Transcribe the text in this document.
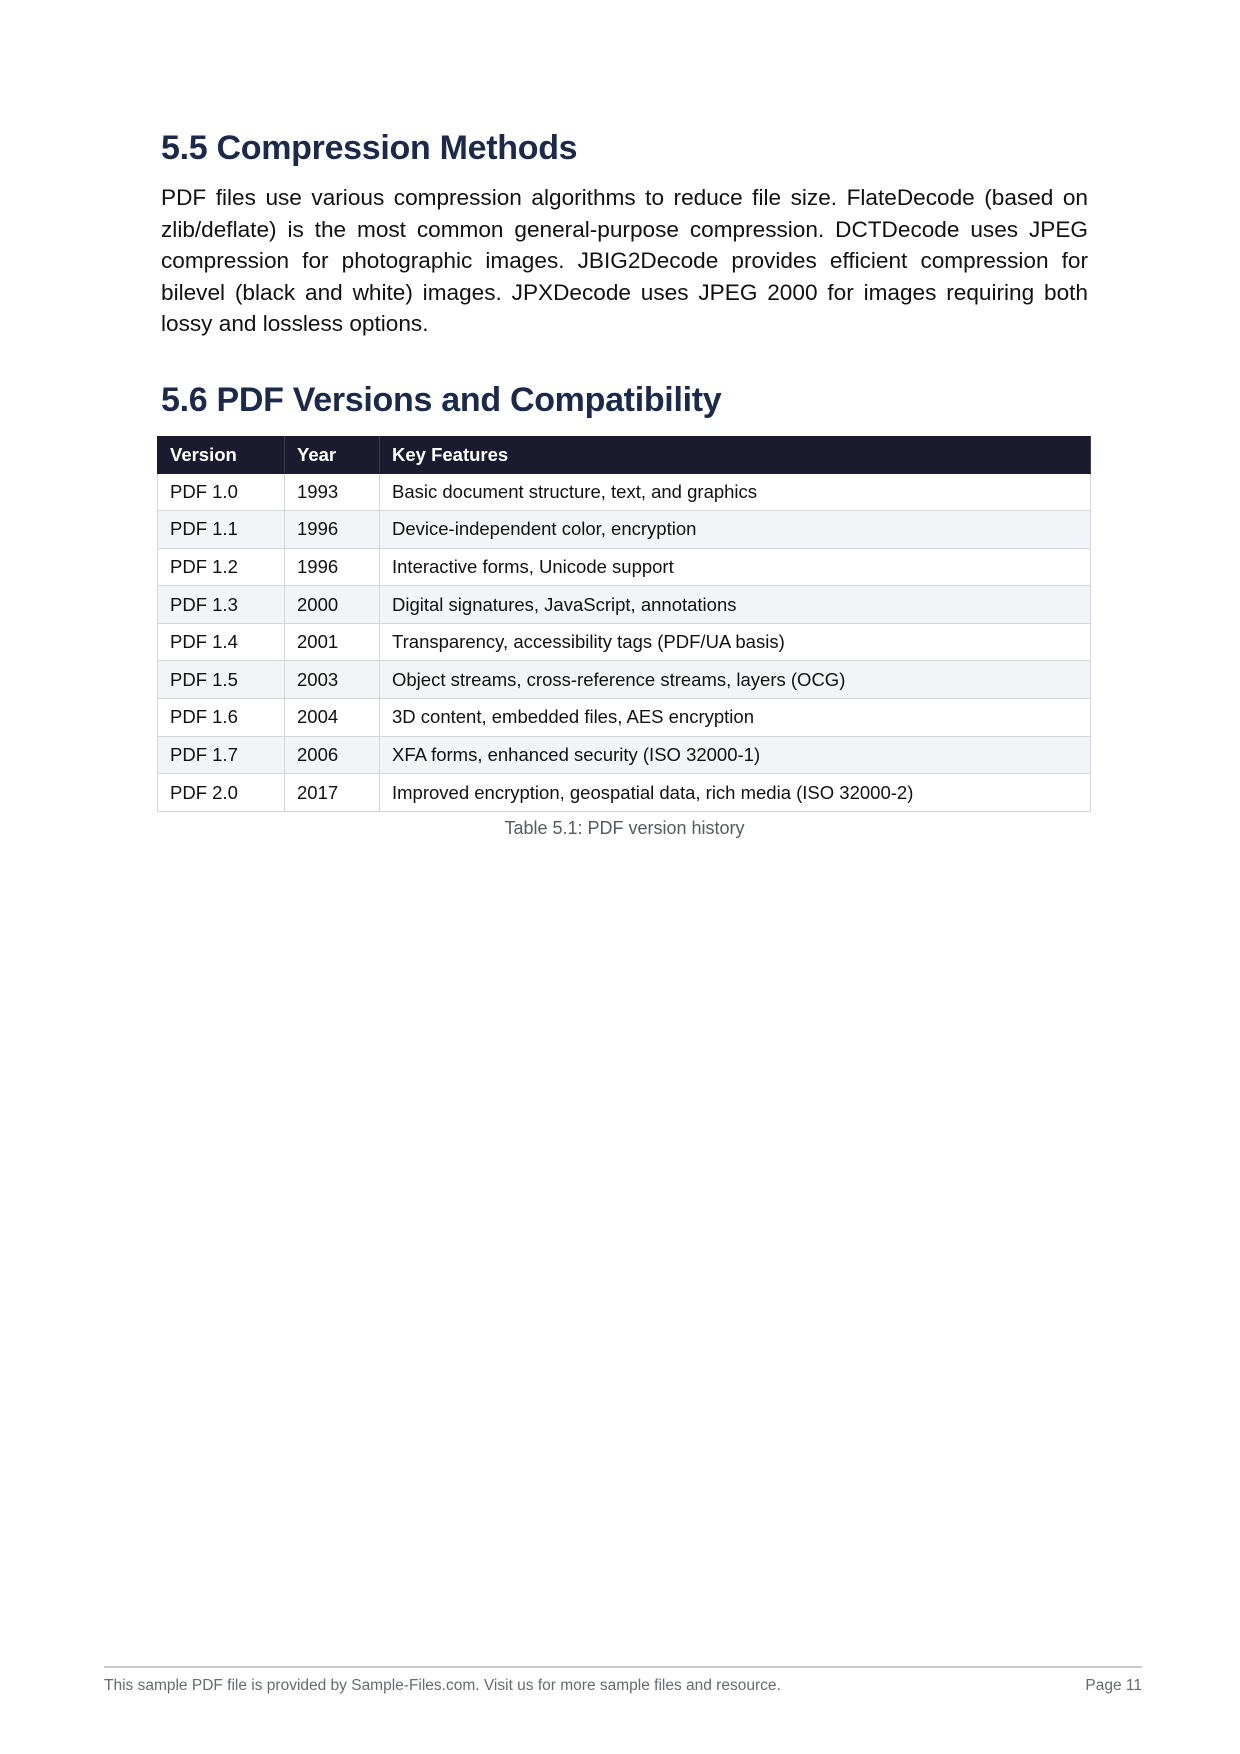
5.5 Compression Methods

PDF files use various compression algorithms to reduce file size. FlateDecode (based on zlib/deflate) is the most common general-purpose compression. DCTDecode uses JPEG compression for photographic images. JBIG2Decode provides efficient compression for bilevel (black and white) images. JPXDecode uses JPEG 2000 for images requiring both lossy and lossless options.

5.6 PDF Versions and Compatibility
Version	Year	Key Features
PDF 1.0	1993	Basic document structure, text, and graphics
PDF 1.1	1996	Device-independent color, encryption
PDF 1.2	1996	Interactive forms, Unicode support
PDF 1.3	2000	Digital signatures, JavaScript, annotations
PDF 1.4	2001	Transparency, accessibility tags (PDF/UA basis)
PDF 1.5	2003	Object streams, cross-reference streams, layers (OCG)
PDF 1.6	2004	3D content, embedded files, AES encryption
PDF 1.7	2006	XFA forms, enhanced security (ISO 32000-1)
PDF 2.0	2017	Improved encryption, geospatial data, rich media (ISO 32000-2)
Table 5.1: PDF version history
This sample PDF file is provided by Sample-Files.com. Visit us for more sample files and resource.	Page 11
